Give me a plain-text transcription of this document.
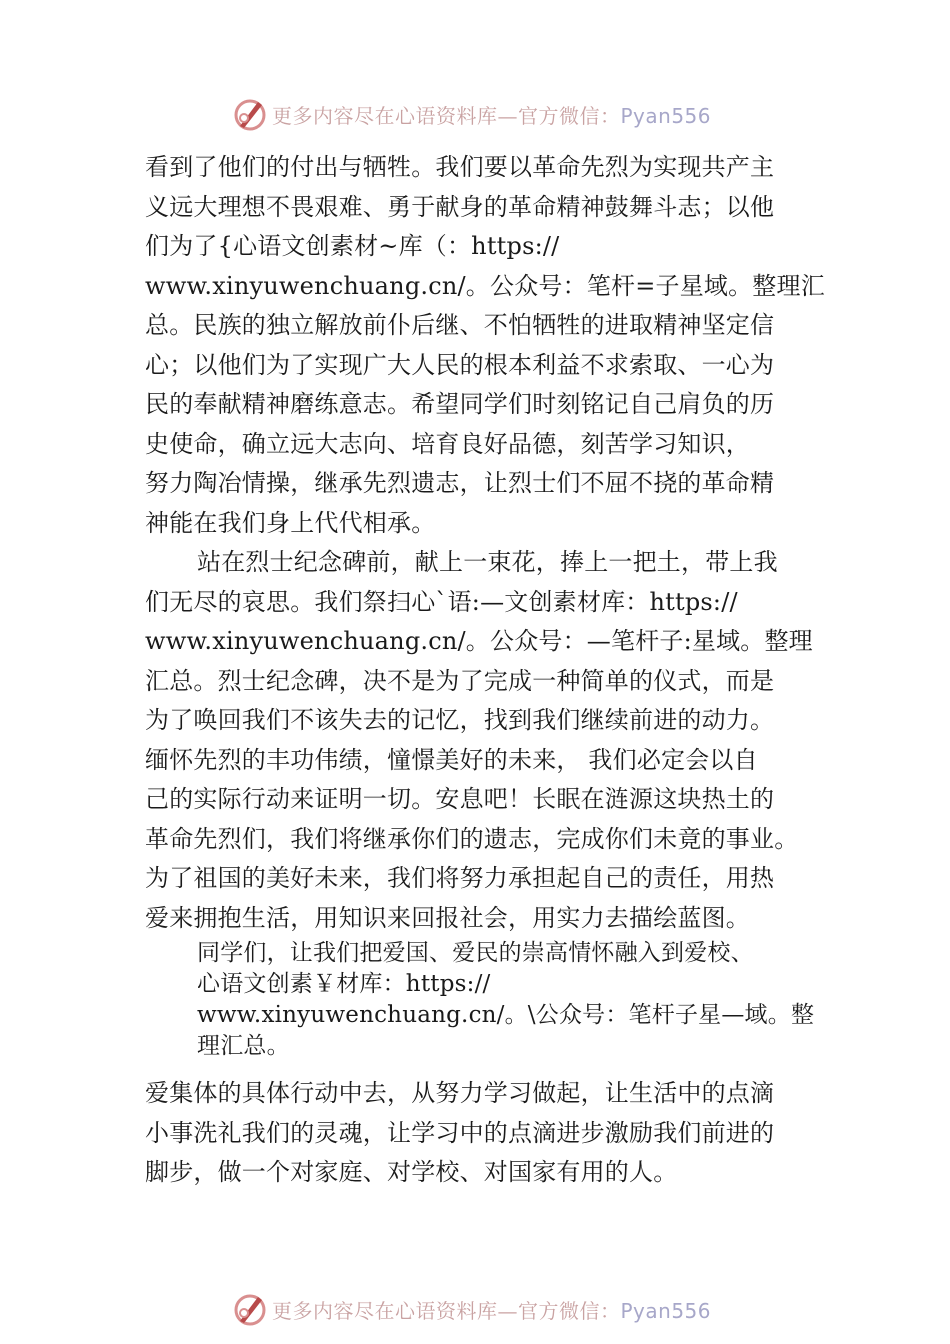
更多内容尽在心语资料库—官方微信：Pyan556
看到了他们的付出与牺牲。我们要以革命先烈为实现共产主
义远大理想不畏艰难、勇于献身的革命精神鼓舞斗志；以他
们为了{心语文创素材~库（：https://
www.xinyuwenchuang.cn/。公众号：笔杆=子星域。整理汇
总。民族的独立解放前仆后继、不怕牺牲的进取精神坚定信
心；以他们为了实现广大人民的根本利益不求索取、一心为
民的奉献精神磨练意志。希望同学们时刻铭记自己肩负的历
史使命，确立远大志向、培育良好品德，刻苦学习知识，
努力陶冶情操，继承先烈遗志，让烈士们不屈不挠的革命精
神能在我们身上代代相承。
站在烈士纪念碑前，献上一束花，捧上一把土，带上我
们无尽的哀思。我们祭扫心`语:—文创素材库：https://
www.xinyuwenchuang.cn/。公众号：—笔杆子:星域。整理
汇总。烈士纪念碑，决不是为了完成一种简单的仪式，而是
为了唤回我们不该失去的记忆，找到我们继续前进的动力。
缅怀先烈的丰功伟绩，憧憬美好的未来， 我们必定会以自
己的实际行动来证明一切。安息吧！长眠在涟源这块热土的
革命先烈们，我们将继承你们的遗志，完成你们未竟的事业。
为了祖国的美好未来，我们将努力承担起自己的责任，用热
爱来拥抱生活，用知识来回报社会，用实力去描绘蓝图。
同学们，让我们把爱国、爱民的崇高情怀融入到爱校、
心语文创素￥材库：https://
www.xinyuwenchuang.cn/。\公众号：笔杆子星—域。整
理汇总。
爱集体的具体行动中去，从努力学习做起，让生活中的点滴
小事洗礼我们的灵魂，让学习中的点滴进步激励我们前进的
脚步，做一个对家庭、对学校、对国家有用的人。
更多内容尽在心语资料库—官方微信：Pyan556
